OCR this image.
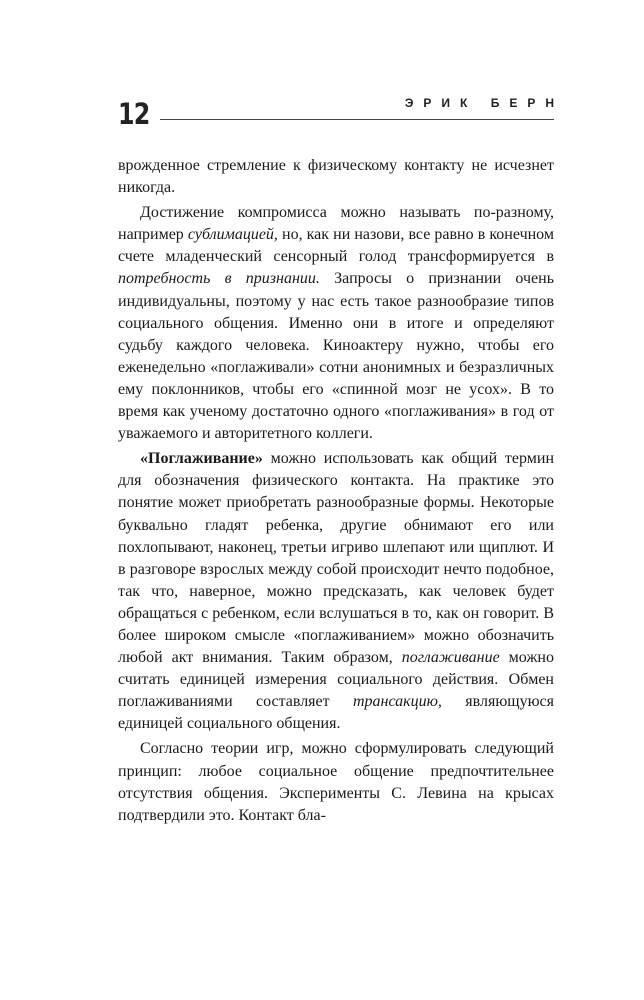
12	ЭРИК БЕРН

врожденное стремление к физическому контакту не исчезнет никогда.

Достижение компромисса можно называть по-разному, например сублимацией, но, как ни назови, все равно в конечном счете младенческий сенсорный голод трансформируется в потребность в признании. Запросы о признании очень индивидуальны, поэтому у нас есть такое разнообразие типов социального общения. Именно они в итоге и определяют судьбу каждого человека. Киноактеру нужно, чтобы его еженедельно «поглаживали» сотни анонимных и безразличных ему поклонников, чтобы его «спинной мозг не усох». В то время как ученому достаточно одного «поглаживания» в год от уважаемого и авторитетного коллеги.

«Поглаживание» можно использовать как общий термин для обозначения физического контакта. На практике это понятие может приобретать разнообразные формы. Некоторые буквально гладят ребенка, другие обнимают его или похлопывают, наконец, третьи игриво шлепают или щиплют. И в разговоре взрослых между собой происходит нечто подобное, так что, наверное, можно предсказать, как человек будет обращаться с ребенком, если вслушаться в то, как он говорит. В более широком смысле «поглаживанием» можно обозначить любой акт внимания. Таким образом, поглаживание можно считать единицей измерения социального действия. Обмен поглаживаниями составляет трансакцию, являющуюся единицей социального общения.

Согласно теории игр, можно сформулировать следующий принцип: любое социальное общение предпочтительнее отсутствия общения. Эксперименты С. Левина на крысах подтвердили это. Контакт бла-
